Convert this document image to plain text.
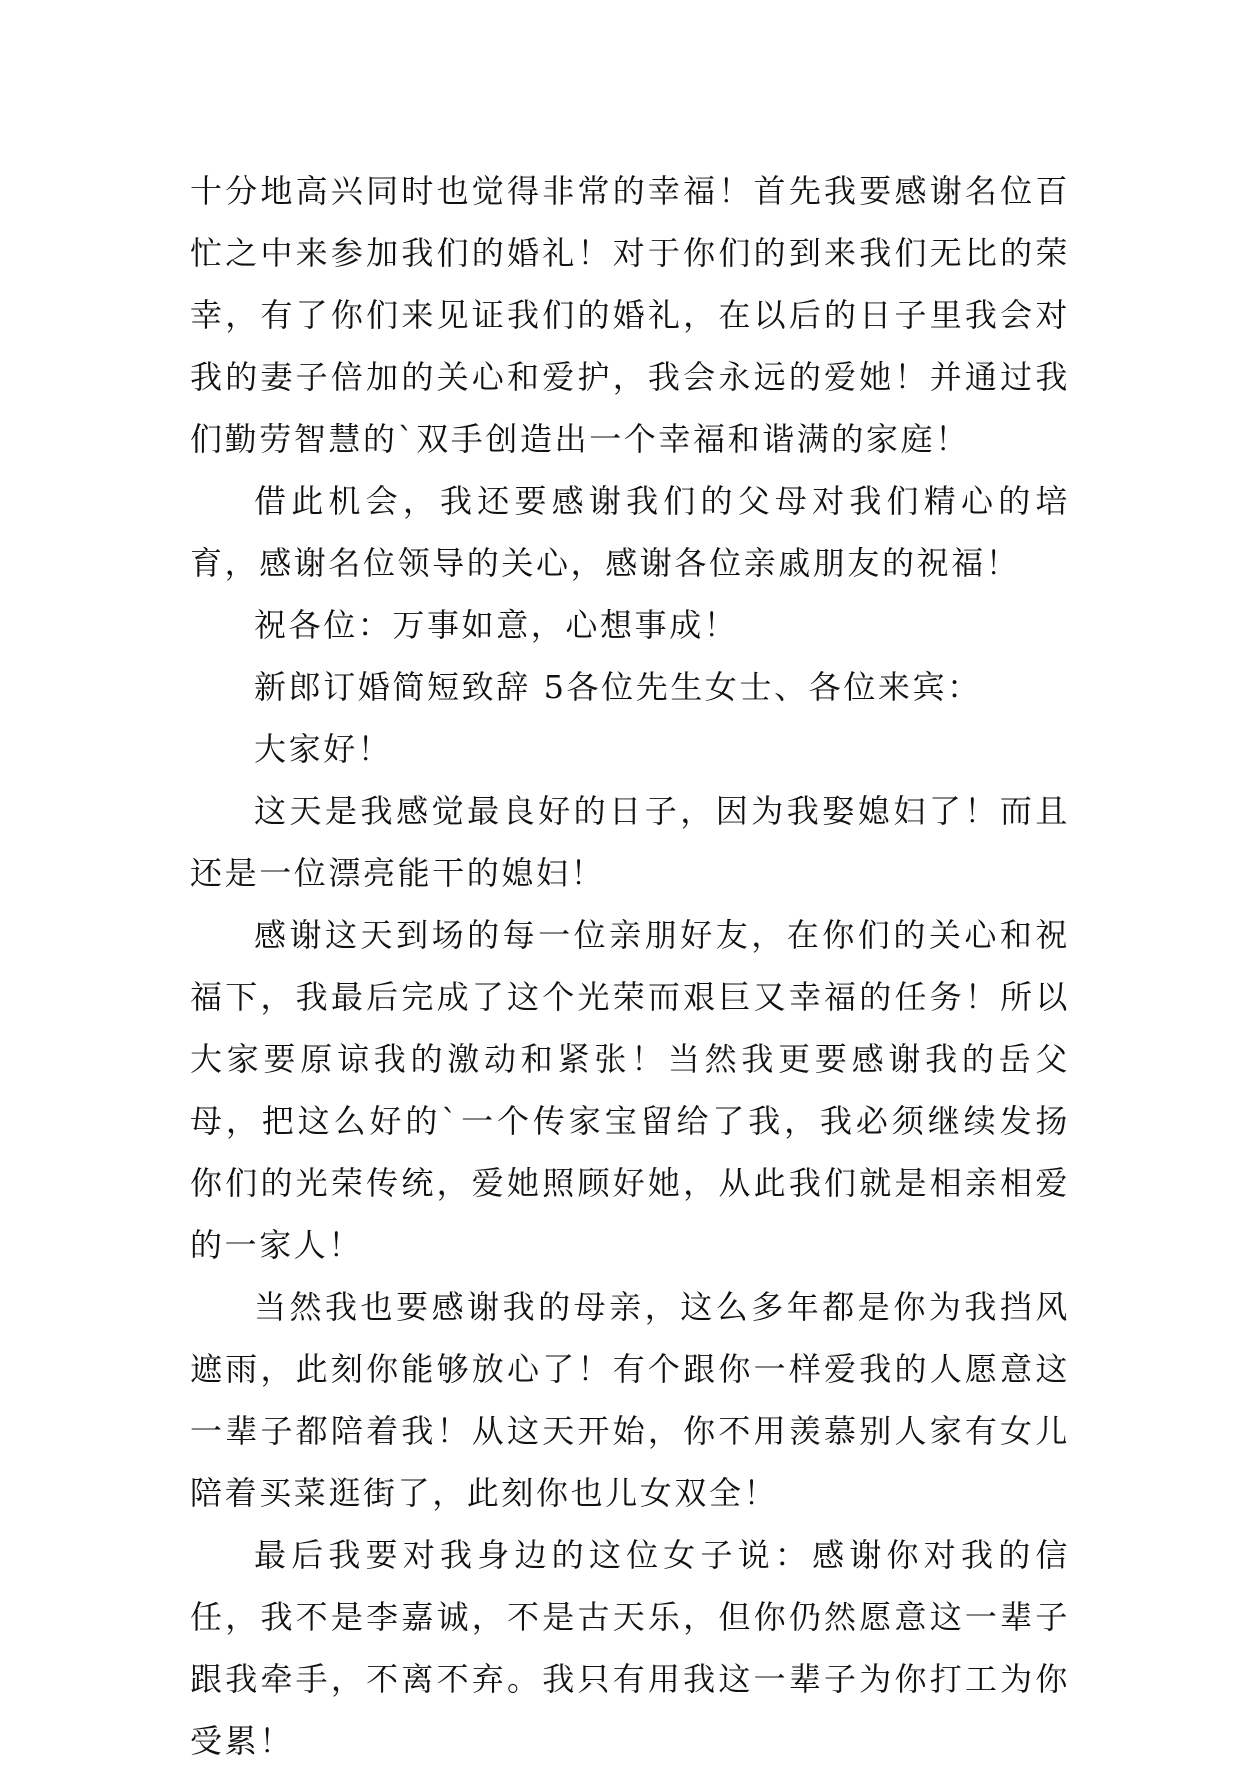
十分地高兴同时也觉得非常的幸福！首先我要感谢名位百忙之中来参加我们的婚礼！对于你们的到来我们无比的荣幸，有了你们来见证我们的婚礼，在以后的日子里我会对我的妻子倍加的关心和爱护，我会永远的爱她！并通过我们勤劳智慧的`双手创造出一个幸福和谐满的家庭！

借此机会，我还要感谢我们的父母对我们精心的培育，感谢名位领导的关心，感谢各位亲戚朋友的祝福！

祝各位：万事如意，心想事成！

新郎订婚简短致辞 5各位先生女士、各位来宾：

大家好！

这天是我感觉最良好的日子，因为我娶媳妇了！而且还是一位漂亮能干的媳妇！

感谢这天到场的每一位亲朋好友，在你们的关心和祝福下，我最后完成了这个光荣而艰巨又幸福的任务！所以大家要原谅我的激动和紧张！当然我更要感谢我的岳父母，把这么好的`一个传家宝留给了我，我必须继续发扬你们的光荣传统，爱她照顾好她，从此我们就是相亲相爱的一家人！

当然我也要感谢我的母亲，这么多年都是你为我挡风遮雨，此刻你能够放心了！有个跟你一样爱我的人愿意这一辈子都陪着我！从这天开始，你不用羡慕别人家有女儿陪着买菜逛街了，此刻你也儿女双全！

最后我要对我身边的这位女子说：感谢你对我的信任，我不是李嘉诚，不是古天乐，但你仍然愿意这一辈子跟我牵手，不离不弃。我只有用我这一辈子为你打工为你受累！
